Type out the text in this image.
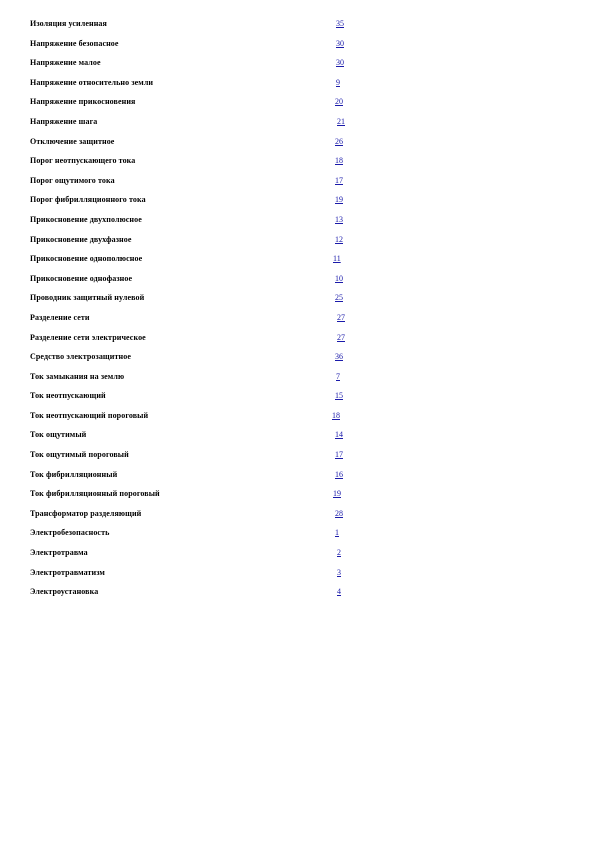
Изоляция усиленная	35
Напряжение безопасное	30
Напряжение малое	30
Напряжение относительно земли	9
Напряжение прикосновения	20
Напряжение шага	21
Отключение защитное	26
Порог неотпускающего тока	18
Порог ощутимого тока	17
Порог фибрилляционного тока	19
Прикосновение двухполюсное	13
Прикосновение двухфазное	12
Прикосновение однополюсное	11
Прикосновение однофазное	10
Проводник защитный нулевой	25
Разделение сети	27
Разделение сети электрическое	27
Средство электрозащитное	36
Ток замыкания на землю	7
Ток неотпускающий	15
Ток неотпускающий пороговый	18
Ток ощутимый	14
Ток ощутимый пороговый	17
Ток фибрилляционный	16
Ток фибрилляционный пороговый	19
Трансформатор разделяющий	28
Электробезопасность	1
Электротравма	2
Электротравматизм	3
Электроустановка	4
